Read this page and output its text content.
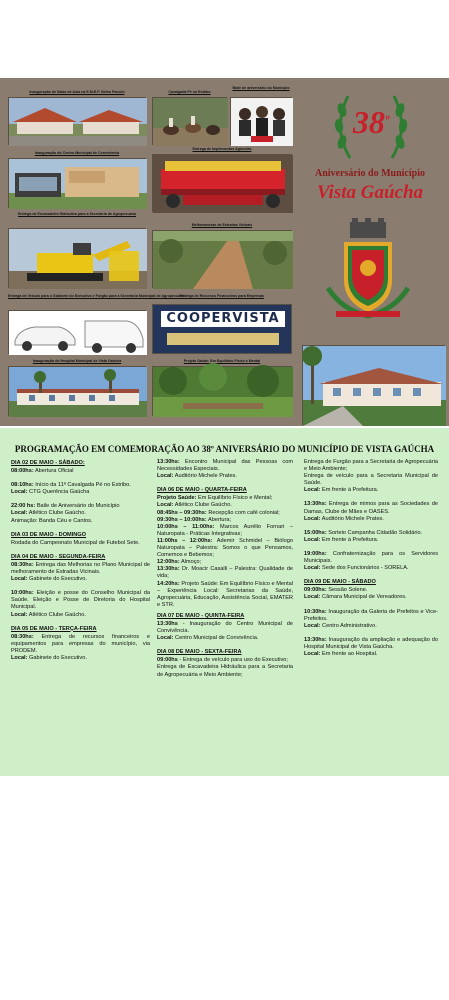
Inauguração de Salas de Aula na E.M.E.F. Nelho Paccini	Cavalgada Pé no Estribo
Baile de aniversário do Município
Inauguração do Centro Municipal de Convivência
Entrega de Implementos Agrícolas
Entrega de Escavadeira Hidráulica para a Secretaria de Agropecuária
Melhoramento de Estradas Vicinais
Entrega de Veículo para o Gabinete do Executivo e Furgão para a Secretaria Municipal de Agropecuária
Entrega de Recursos Financeiros para Empresas
COOPERVISTA
Inauguração do Hospital Municipal de Vista Gaúcha	Projeto Saúde: Em Equilíbrio Físico e Mental
$38^º$
Aniversário do Município
Vista Gaúcha
PROGRAMAÇÃO EM COMEMORAÇÃO AO 38º ANIVERSÁRIO DO MUNICÍPIO DE VISTA GAÚCHA
DIA 02 DE MAIO - SÁBADO:

08:00hs: Abertura Oficial

08:10hs: Início da 11ª Cavalgada Pé no Estribo.
Local: CTG Querência Gaúcha

22:00 hs: Baile de Aniversário do Município
Local: Atlético Clube Gaúcho.
Animação: Banda Céu e Cantos.

DIA 03 DE MAIO - DOMINGO

Rodada do Campeonato Municipal de Futebol Sete.

DIA 04 DE MAIO - SEGUNDA-FEIRA

08:30hs: Entrega das Melhorias no Plano Municipal de melhoramento de Estradas Vicinais.
Local: Gabinete do Executivo.

10:00hs: Eleição e posse do Conselho Municipal da Saúde. Eleição e Posse de Diretoria do Hospital Municipal.
Local: Atlético Clube Gaúcho.

DIA 05 DE MAIO - TERÇA-FEIRA

08:30hs: Entrega de recursos financeiros e equipamentos para empresas do município, via PRODEM.
Local: Gabinete do Executivo.

13:30hs: Encontro Municipal das Pessoas com Necessidades Especiais.
Local: Auditório Michele Prates.

DIA 06 DE MAIO - QUARTA-FEIRA

Projeto Saúde: Em Equilíbrio Físico e Mental;
Local: Atlético Clube Gaúcho.
08:45hs – 09:30hs: Recepção com café colonial;
09:30hs – 10:00hs: Abertura;
10:00hs – 11:00hs: Marcos Aurélio Fornari – Naturopata - Práticas Integrativas;
11:00hs – 12:00hs: Ademir Schmidel – Biólogo Naturopata – Palestra: Somos o que Pensamos, Comemos e Bebemos;
12:00hs: Almoço;
13:30hs: Dr. Moacir Casalli – Palestra: Qualidade de vida;
14:20hs: Projeto Saúde: Em Equilíbrio Físico e Mental – Experiência Local: Secretarias da Saúde, Agropecuária, Educação, Assistência Social, EMATER e STR.

DIA 07 DE MAIO - QUINTA-FEIRA

13:30hs - Inauguração do Centro Municipal de Convivência.
Local: Centro Municipal de Convivência.

DIA 08 DE MAIO - SEXTA-FEIRA

09:00hs - Entrega de veículo para uso do Executivo;
Entrega de Escavadeira Hidráulica para a Secretaria de Agropecuária e Meio Ambiente;

Entrega de Furgão para a Secretaria de Agropecuária e Meio Ambiente;
Entrega de veículo para a Secretaria Municipal de Saúde.
Local: Em frente à Prefeitura.

13:30hs: Entrega de mimos para as Sociedades de Damas, Clube de Mães e OASES.
Local: Auditório Michele Prates.

15:00hs: Sorteio Campanha Cidadão Solidário.
Local: Em frente à Prefeitura.

19:00hs: Confraternização para os Servidores Municipais.
Local: Sede dos Funcionários - SORELA.

DIA 09 DE MAIO - SÁBADO

09:00hs: Sessão Solene.
Local: Câmara Municipal de Vereadores.

10:30hs: Inauguração da Galeria de Prefeitos e Vice-Prefeitos.
Local: Centro Administrativo.

13:30hs: Inauguração da ampliação e adequação do Hospital Municipal de Vista Gaúcha.
Local: Em frente ao Hospital.
